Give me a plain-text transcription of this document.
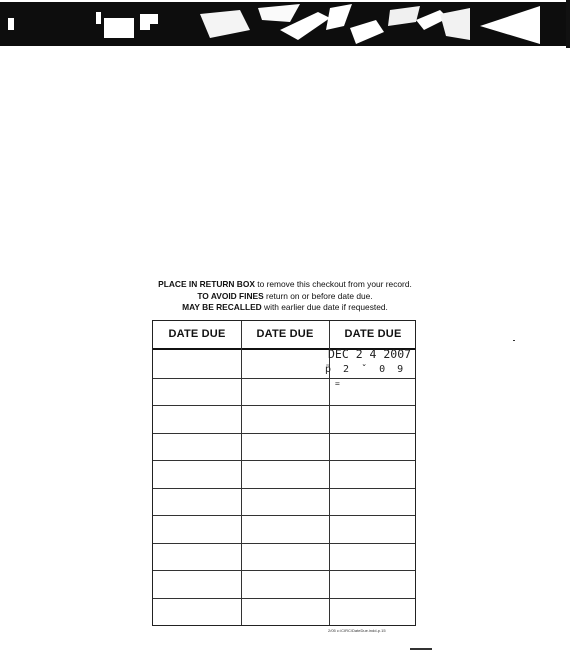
PLACE IN RETURN BOX to remove this checkout from your record.
TO AVOID FINES return on or before date due.
MAY BE RECALLED with earlier due date if requested.
DATE DUE	DATE DUE	DATE DUE
DEC 2 4 2007
p̈ 2 ˇ 0 9
=
2/05 c:/CIRC/DateDue.indd-p.15
